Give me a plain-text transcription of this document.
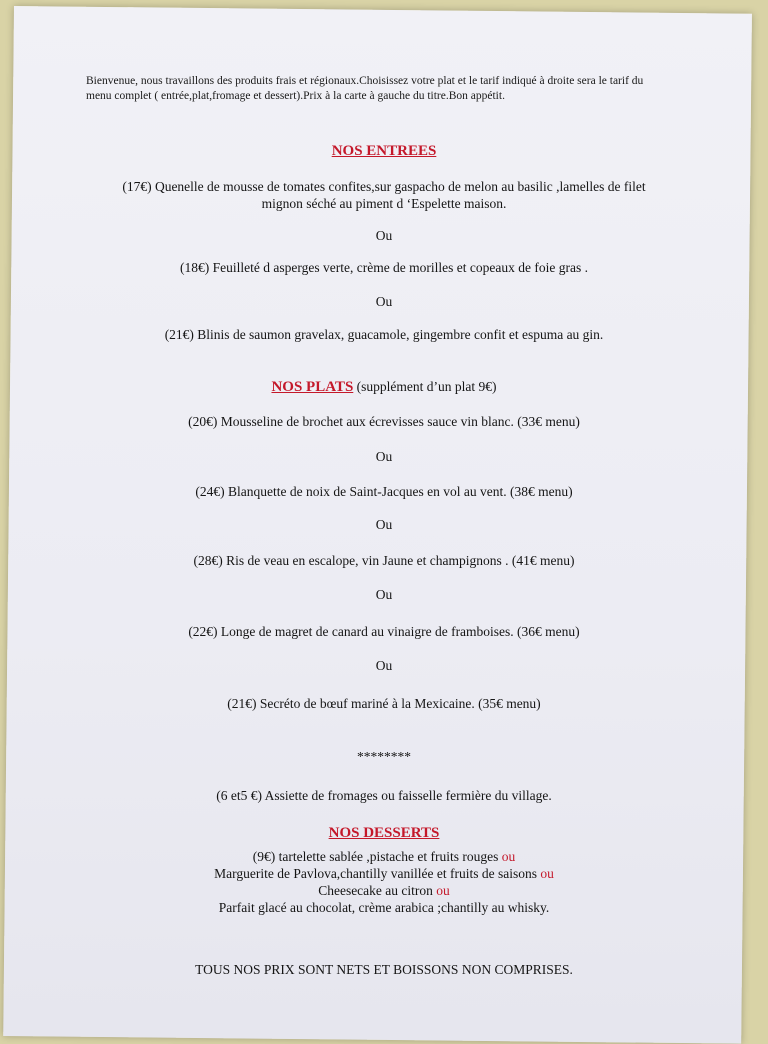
Bienvenue, nous travaillons des produits frais et régionaux.Choisissez votre plat et le tarif indiqué à droite sera le tarif du menu complet ( entrée,plat,fromage et dessert).Prix à la carte à gauche du titre.Bon appétit.
NOS ENTREES
(17€) Quenelle de mousse de tomates confites,sur gaspacho de melon au basilic ,lamelles de filet
mignon séché au piment d ‘Espelette maison.
Ou
(18€) Feuilleté d asperges verte, crème de morilles et copeaux de foie gras .
Ou
(21€) Blinis de saumon gravelax, guacamole, gingembre confit et espuma au gin.
NOS PLATS (supplément d’un plat 9€)
(20€) Mousseline de brochet aux écrevisses sauce vin blanc. (33€ menu)
Ou
(24€) Blanquette de noix de Saint-Jacques en vol au vent. (38€ menu)
Ou
(28€) Ris de veau en escalope, vin Jaune et champignons . (41€ menu)
Ou
(22€) Longe de magret de canard au vinaigre de framboises. (36€ menu)
Ou
(21€) Secréto de bœuf mariné à la Mexicaine. (35€ menu)
********
(6 et5 €) Assiette de fromages ou faisselle fermière du village.
NOS DESSERTS
(9€) tartelette sablée ,pistache et fruits rouges ou
Marguerite de Pavlova,chantilly vanillée et fruits de saisons ou
Cheesecake au citron ou
Parfait glacé au chocolat, crème arabica ;chantilly au whisky.
TOUS NOS PRIX SONT NETS ET BOISSONS NON COMPRISES.
